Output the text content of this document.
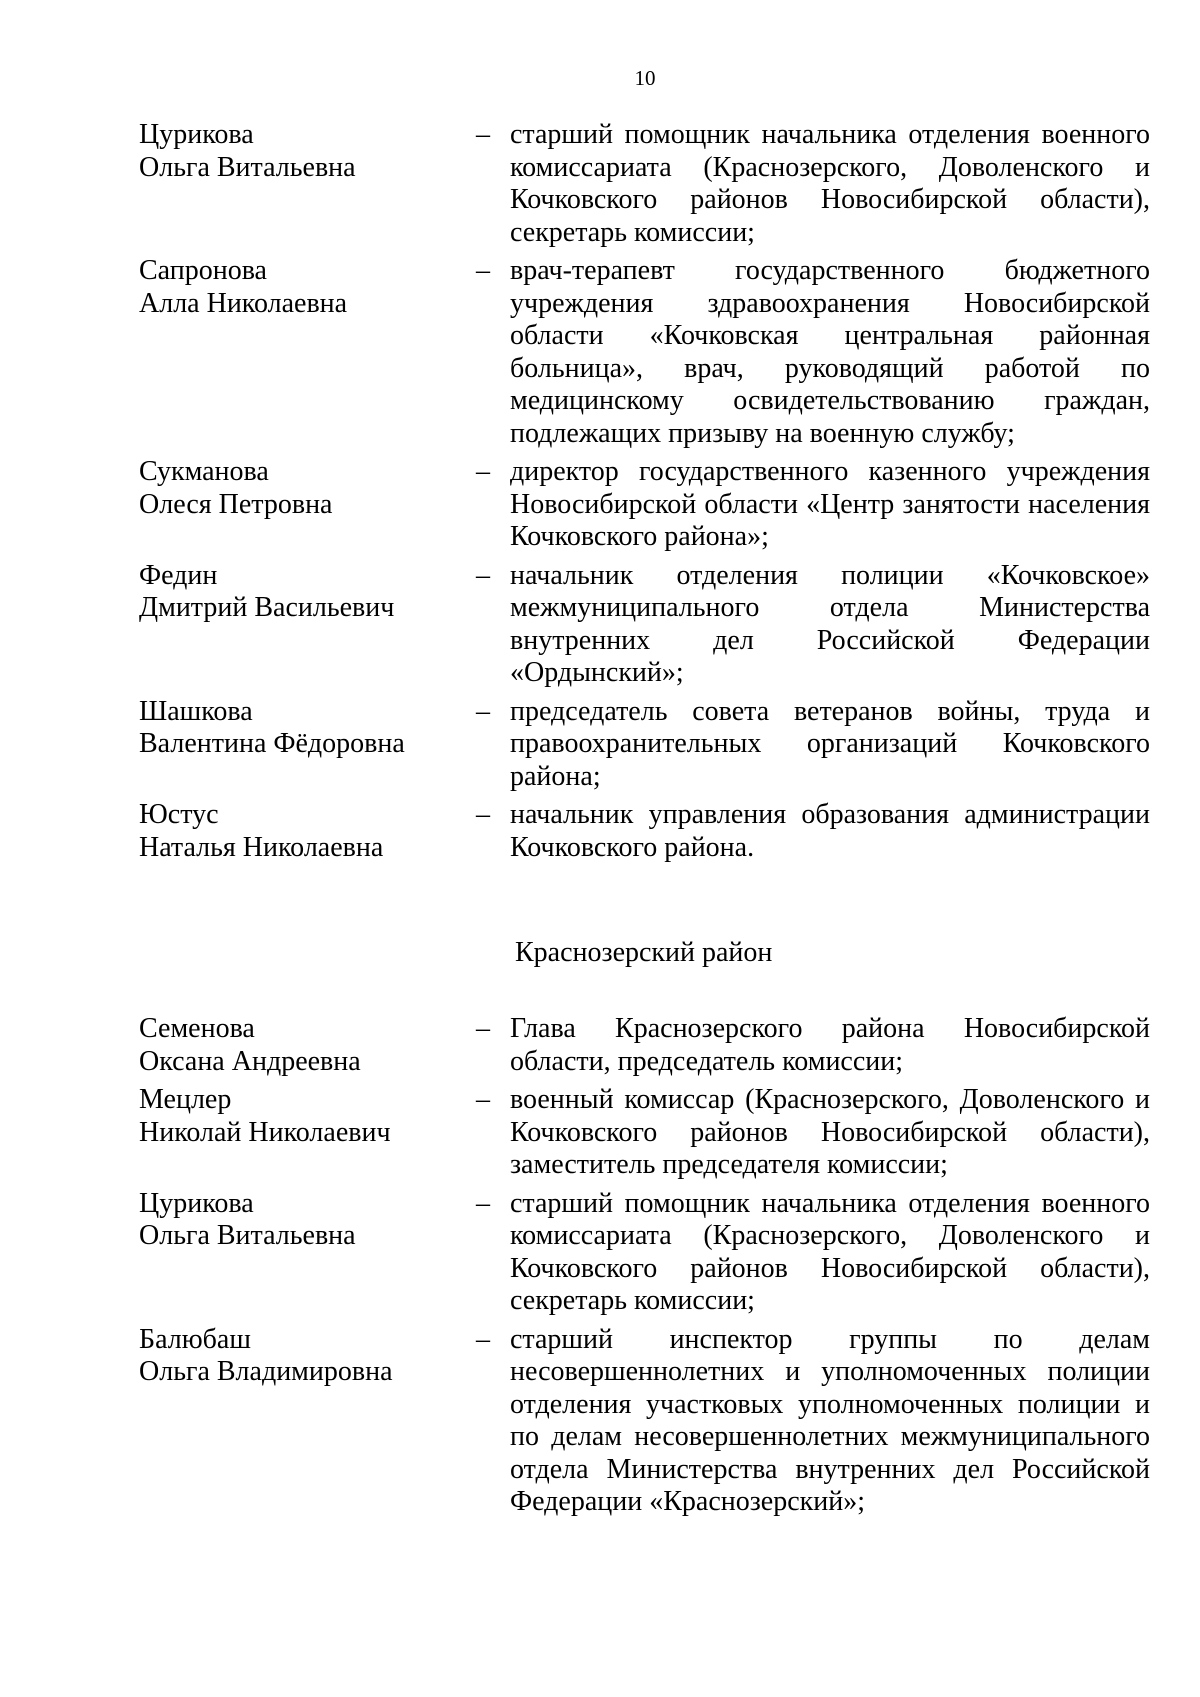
10
Цурикова
Ольга Витальевна
– старший помощник начальника отделения военного комиссариата (Краснозерского, Доволенского и Кочковского районов Новосибирской области), секретарь комиссии;
Сапронова
Алла Николаевна
– врач-терапевт государственного бюджетного учреждения здравоохранения Новосибирской области «Кочковская центральная районная больница», врач, руководящий работой по медицинскому освидетельствованию граждан, подлежащих призыву на военную службу;
Сукманова
Олеся Петровна
– директор государственного казенного учреждения Новосибирской области «Центр занятости населения Кочковского района»;
Федин
Дмитрий Васильевич
– начальник отделения полиции «Кочковское» межмуниципального отдела Министерства внутренних дел Российской Федерации «Ордынский»;
Шашкова
Валентина Фёдоровна
– председатель совета ветеранов войны, труда и правоохранительных организаций Кочковского района;
Юстус
Наталья Николаевна
– начальник управления образования администрации Кочковского района.
Краснозерский район
Семенова
Оксана Андреевна
– Глава Краснозерского района Новосибирской области, председатель комиссии;
Мецлер
Николай Николаевич
– военный комиссар (Краснозерского, Доволенского и Кочковского районов Новосибирской области), заместитель председателя комиссии;
Цурикова
Ольга Витальевна
– старший помощник начальника отделения военного комиссариата (Краснозерского, Доволенского и Кочковского районов Новосибирской области), секретарь комиссии;
Балюбаш
Ольга Владимировна
– старший инспектор группы по делам несовершеннолетних и уполномоченных полиции отделения участковых уполномоченных полиции и по делам несовершеннолетних межмуниципального отдела Министерства внутренних дел Российской Федерации «Краснозерский»;
